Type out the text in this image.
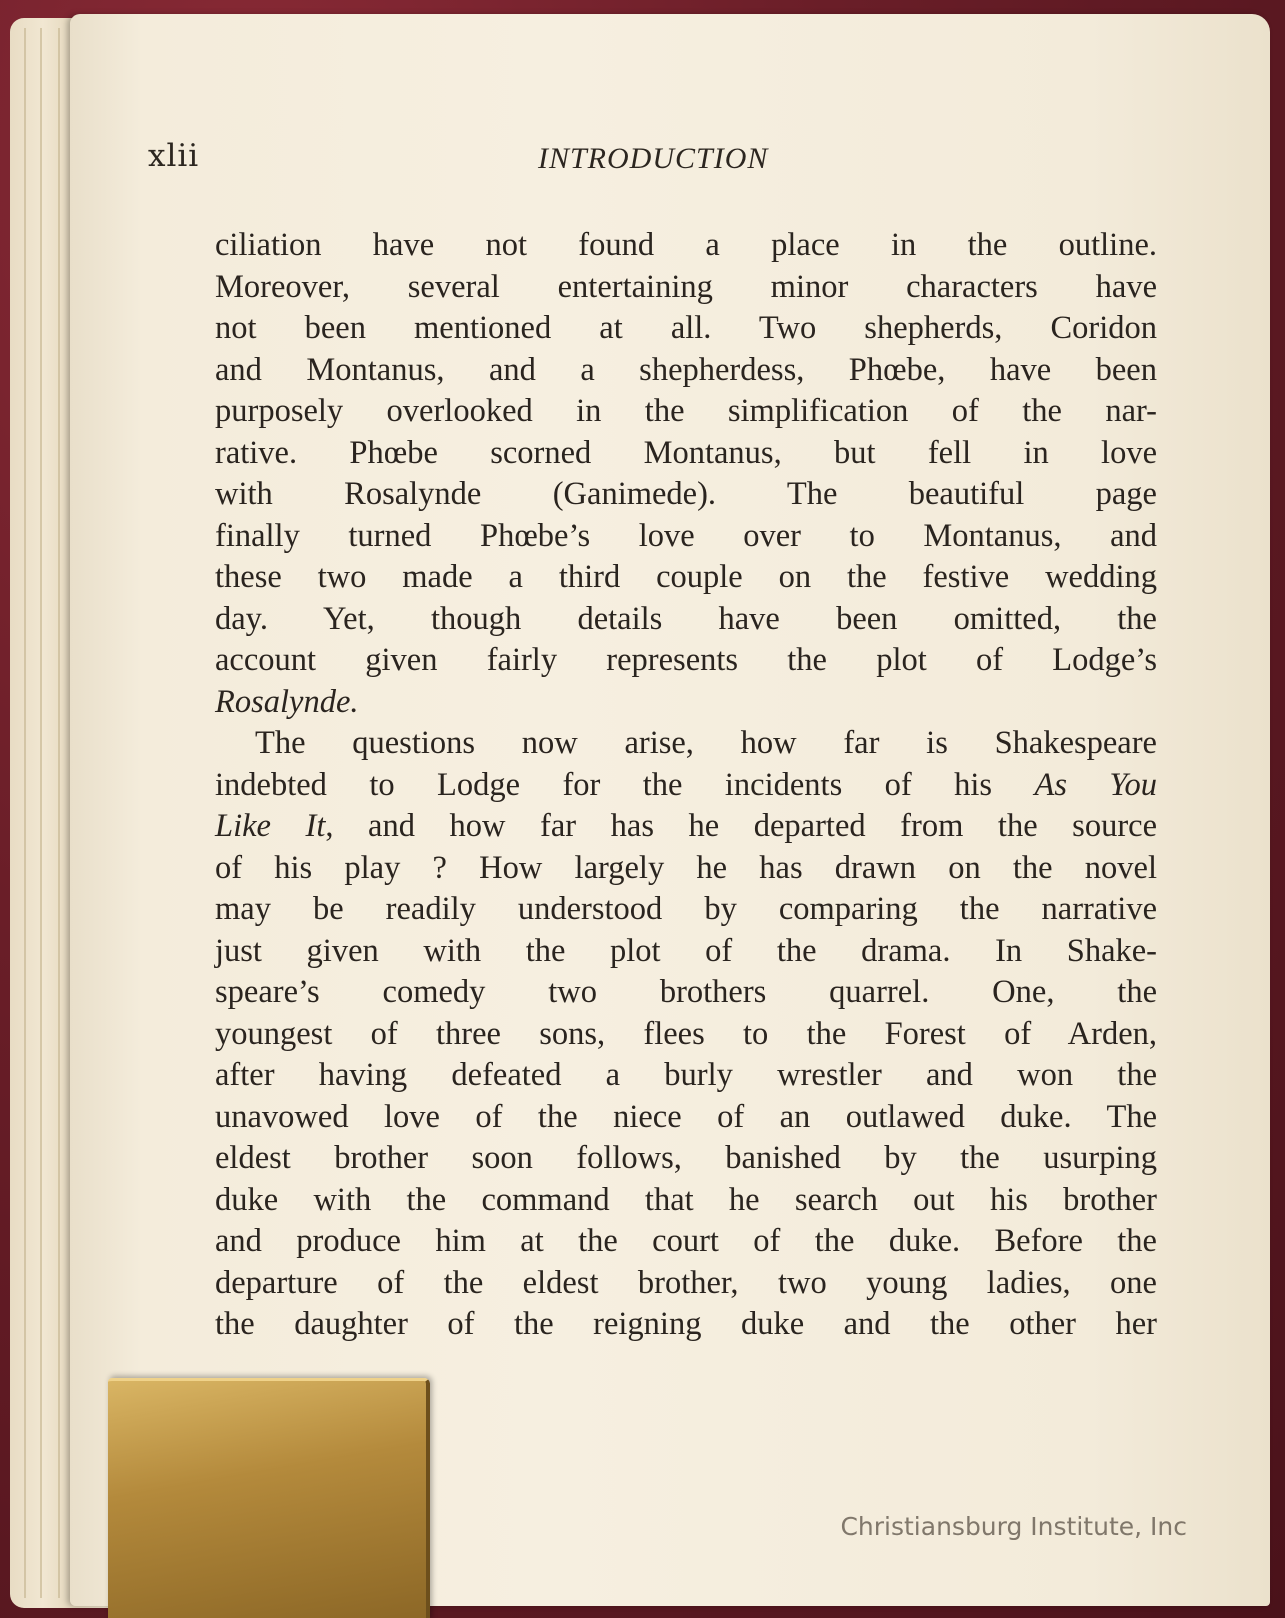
xlii	INTRODUCTION
ciliation have not found a place in the outline.
Moreover, several entertaining minor characters have
not been mentioned at all. Two shepherds, Coridon
and Montanus, and a shepherdess, Phœbe, have been
purposely overlooked in the simplification of the nar-
rative. Phœbe scorned Montanus, but fell in love
with Rosalynde (Ganimede). The beautiful page
finally turned Phœbe’s love over to Montanus, and
these two made a third couple on the festive wedding
day. Yet, though details have been omitted, the
account given fairly represents the plot of Lodge’s
Rosalynde.
The questions now arise, how far is Shakespeare
indebted to Lodge for the incidents of his As You
Like It, and how far has he departed from the source
of his play ? How largely he has drawn on the novel
may be readily understood by comparing the narrative
just given with the plot of the drama. In Shake-
speare’s comedy two brothers quarrel. One, the
youngest of three sons, flees to the Forest of Arden,
after having defeated a burly wrestler and won the
unavowed love of the niece of an outlawed duke. The
eldest brother soon follows, banished by the usurping
duke with the command that he search out his brother
and produce him at the court of the duke. Before the
departure of the eldest brother, two young ladies, one
the daughter of the reigning duke and the other her
Christiansburg Institute, Inc
